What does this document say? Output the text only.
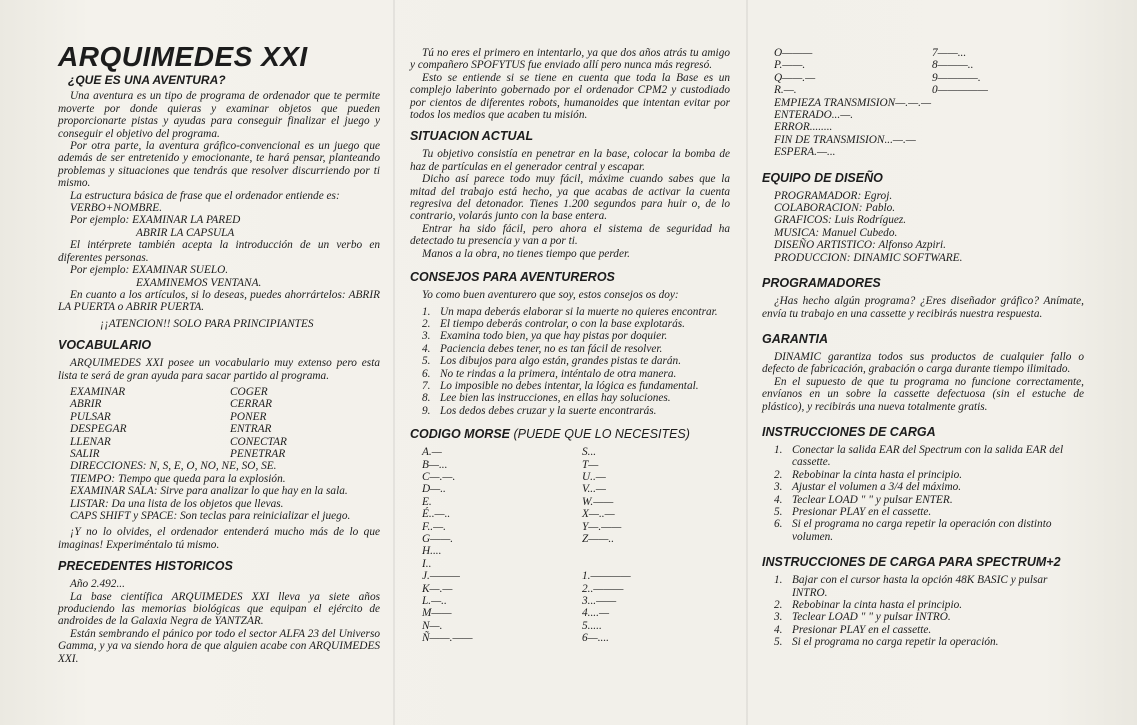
ARQUIMEDES XXI
¿QUE ES UNA AVENTURA?

Una aventura es un tipo de programa de ordenador que te permite moverte por donde quieras y examinar objetos que pueden proporcionarte pistas y ayudas para conseguir finalizar el juego y conseguir el objetivo del programa.

Por otra parte, la aventura gráfico-convencional es un juego que además de ser entretenido y emocionante, te hará pensar, planteando problemas y situaciones que tendrás que resolver discurriendo por ti mismo.

La estructura básica de frase que el ordenador entiende es:

VERBO+NOMBRE.

Por ejemplo: EXAMINAR LA PARED

ABRIR LA CAPSULA

El intérprete también acepta la introducción de un verbo en diferentes personas.

Por ejemplo: EXAMINAR SUELO.

EXAMINEMOS VENTANA.

En cuanto a los artículos, si lo deseas, puedes ahorrártelos: ABRIR LA PUERTA o ABRIR PUERTA.

¡¡ATENCION!! SOLO PARA PRINCIPIANTES

VOCABULARIO

ARQUIMEDES XXI posee un vocabulario muy extenso pero esta lista te será de gran ayuda para sacar partido al programa.

EXAMINAR	COGER
ABRIR	CERRAR
PULSAR	PONER
DESPEGAR	ENTRAR
LLENAR	CONECTAR
SALIR	PENETRAR

DIRECCIONES: N, S, E, O, NO, NE, SO, SE.

TIEMPO: Tiempo que queda para la explosión.

EXAMINAR SALA: Sirve para analizar lo que hay en la sala.

LISTAR: Da una lista de los objetos que llevas.

CAPS SHIFT y SPACE: Son teclas para reinicializar el juego.

¡Y no lo olvides, el ordenador entenderá mucho más de lo que imaginas! Experiméntalo tú mismo.

PRECEDENTES HISTORICOS

Año 2.492...

La base científica ARQUIMEDES XXI lleva ya siete años produciendo las memorias biológicas que equipan el ejército de androides de la Galaxia Negra de YANTZAR.

Están sembrando el pánico por todo el sector ALFA 23 del Universo Gamma, y ya va siendo hora de que alguien acabe con ARQUIMEDES XXI.

Tú no eres el primero en intentarlo, ya que dos años atrás tu amigo y compañero SPOFYTUS fue enviado allí pero nunca más regresó.

Esto se entiende si se tiene en cuenta que toda la Base es un complejo laberinto gobernado por el ordenador CPM2 y custodiado por cientos de diferentes robots, humanoides que intentan evitar por todos los medios que acaben tu misión.

SITUACION ACTUAL

Tu objetivo consistía en penetrar en la base, colocar la bomba de haz de partículas en el generador central y escapar.

Dicho así parece todo muy fácil, máxime cuando sabes que la mitad del trabajo está hecho, ya que acabas de activar la cuenta regresiva del detonador. Tienes 1.200 segundos para huir o, de lo contrario, volarás junto con la base entera.

Entrar ha sido fácil, pero ahora el sistema de seguridad ha detectado tu presencia y van a por ti.

Manos a la obra, no tienes tiempo que perder.

CONSEJOS PARA AVENTUREROS

Yo como buen aventurero que soy, estos consejos os doy:

1. Un mapa deberás elaborar si la muerte no quieres encontrar.
2. El tiempo deberás controlar, o con la base explotarás.
3. Examina todo bien, ya que hay pistas por doquier.
4. Paciencia debes tener, no es tan fácil de resolver.
5. Los dibujos para algo están, grandes pistas te darán.
6. No te rindas a la primera, inténtalo de otra manera.
7. Lo imposible no debes intentar, la lógica es fundamental.
8. Lee bien las instrucciones, en ellas hay soluciones.
9. Los dedos debes cruzar y la suerte encontrarás.
CODIGO MORSE (PUEDE QUE LO NECESITES)
A.—	S...
B—...	T—
C—.—.	U..—
D—..	V...—
E.	W.——
É..—..	X—..—
F..—.	Y—.——
G——.	Z——..
H....
I..
J.———	1.————
K—.—	2..———
L.—..	3...——
M——	4....—
N—.	5.....
Ñ——.——	6—....
O———	7——...
P.——.	8———..
Q——.—	9————.
R.—.	0—————

EMPIEZA TRANSMISION—.—.—

ENTERADO...—.

ERROR........

FIN DE TRANSMISION...—.—

ESPERA.—...

EQUIPO DE DISEÑO

PROGRAMADOR: Egroj.

COLABORACION: Pablo.

GRAFICOS: Luis Rodríguez.

MUSICA: Manuel Cubedo.

DISEÑO ARTISTICO: Alfonso Azpiri.

PRODUCCION: DINAMIC SOFTWARE.

PROGRAMADORES

¿Has hecho algún programa? ¿Eres diseñador gráfico? Anímate, envía tu trabajo en una cassette y recibirás nuestra respuesta.

GARANTIA

DINAMIC garantiza todos sus productos de cualquier fallo o defecto de fabricación, grabación o carga durante tiempo ilimitado.

En el supuesto de que tu programa no funcione correctamente, envíanos en un sobre la cassette defectuosa (sin el estuche de plástico), y recibirás una nueva totalmente gratis.

INSTRUCCIONES DE CARGA
1. Conectar la salida EAR del Spectrum con la salida EAR del cassette.
2. Rebobinar la cinta hasta el principio.
3. Ajustar el volumen a 3/4 del máximo.
4. Teclear LOAD " " y pulsar ENTER.
5. Presionar PLAY en el cassette.
6. Si el programa no carga repetir la operación con distinto volumen.
INSTRUCCIONES DE CARGA PARA SPECTRUM+2
1. Bajar con el cursor hasta la opción 48K BASIC y pulsar INTRO.
2. Rebobinar la cinta hasta el principio.
3. Teclear LOAD " " y pulsar INTRO.
4. Presionar PLAY en el cassette.
5. Si el programa no carga repetir la operación.
